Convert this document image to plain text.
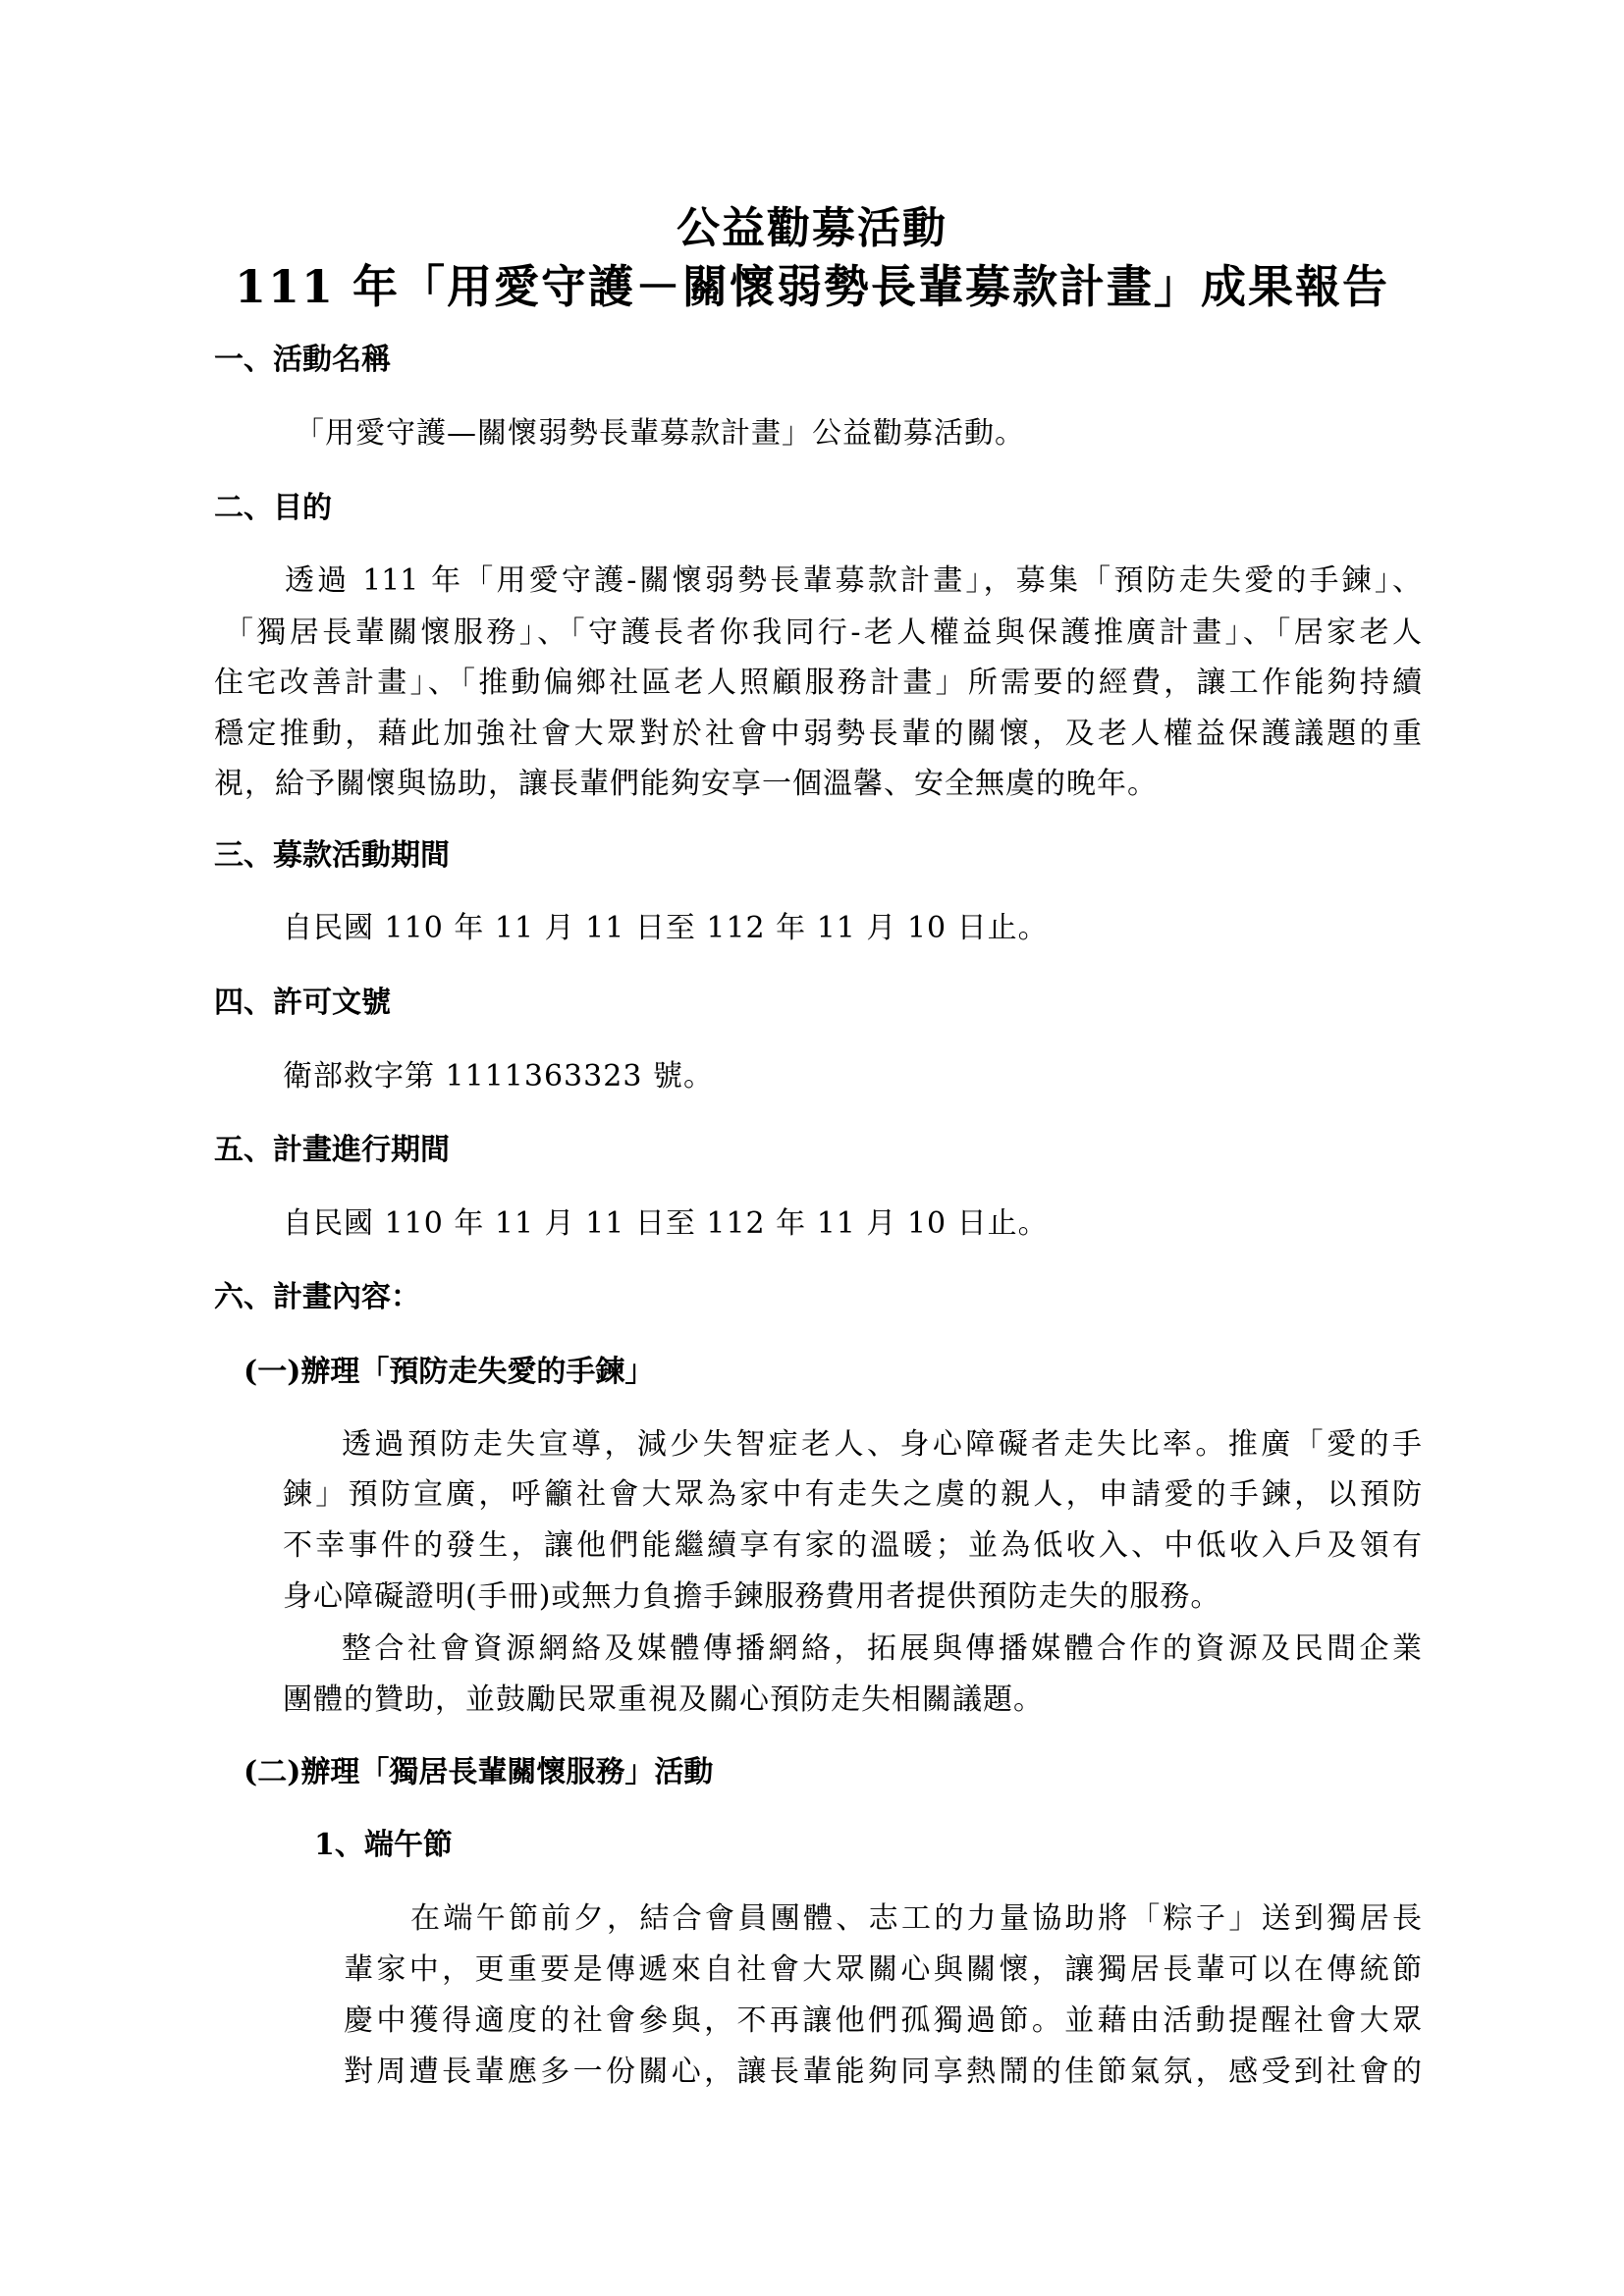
公益勸募活動
111 年「用愛守護－關懷弱勢長輩募款計畫」成果報告
一、活動名稱
「用愛守護—關懷弱勢長輩募款計畫」公益勸募活動。
二、目的
透過 111 年「用愛守護-關懷弱勢長輩募款計畫」，募集「預防走失愛的手鍊」、
「獨居長輩關懷服務」、「守護長者你我同行-老人權益與保護推廣計畫」、「居家老人
住宅改善計畫」、「推動偏鄉社區老人照顧服務計畫」所需要的經費，讓工作能夠持續
穩定推動，藉此加強社會大眾對於社會中弱勢長輩的關懷，及老人權益保護議題的重
視，給予關懷與協助，讓長輩們能夠安享一個溫馨、安全無虞的晚年。
三、募款活動期間
自民國 110 年 11 月 11 日至 112 年 11 月 10 日止。
四、許可文號
衛部救字第 1111363323 號。
五、計畫進行期間
自民國 110 年 11 月 11 日至 112 年 11 月 10 日止。
六、計畫內容：
(一)辦理「預防走失愛的手鍊」
透過預防走失宣導，減少失智症老人、身心障礙者走失比率。推廣「愛的手
鍊」預防宣廣，呼籲社會大眾為家中有走失之虞的親人，申請愛的手鍊，以預防
不幸事件的發生，讓他們能繼續享有家的溫暖；並為低收入、中低收入戶及領有
身心障礙證明(手冊)或無力負擔手鍊服務費用者提供預防走失的服務。
整合社會資源網絡及媒體傳播網絡，拓展與傳播媒體合作的資源及民間企業
團體的贊助，並鼓勵民眾重視及關心預防走失相關議題。
(二)辦理「獨居長輩關懷服務」活動
1、端午節
在端午節前夕，結合會員團體、志工的力量協助將「粽子」送到獨居長
輩家中，更重要是傳遞來自社會大眾關心與關懷，讓獨居長輩可以在傳統節
慶中獲得適度的社會參與，不再讓他們孤獨過節。並藉由活動提醒社會大眾
對周遭長輩應多一份關心，讓長輩能夠同享熱鬧的佳節氣氛，感受到社會的
